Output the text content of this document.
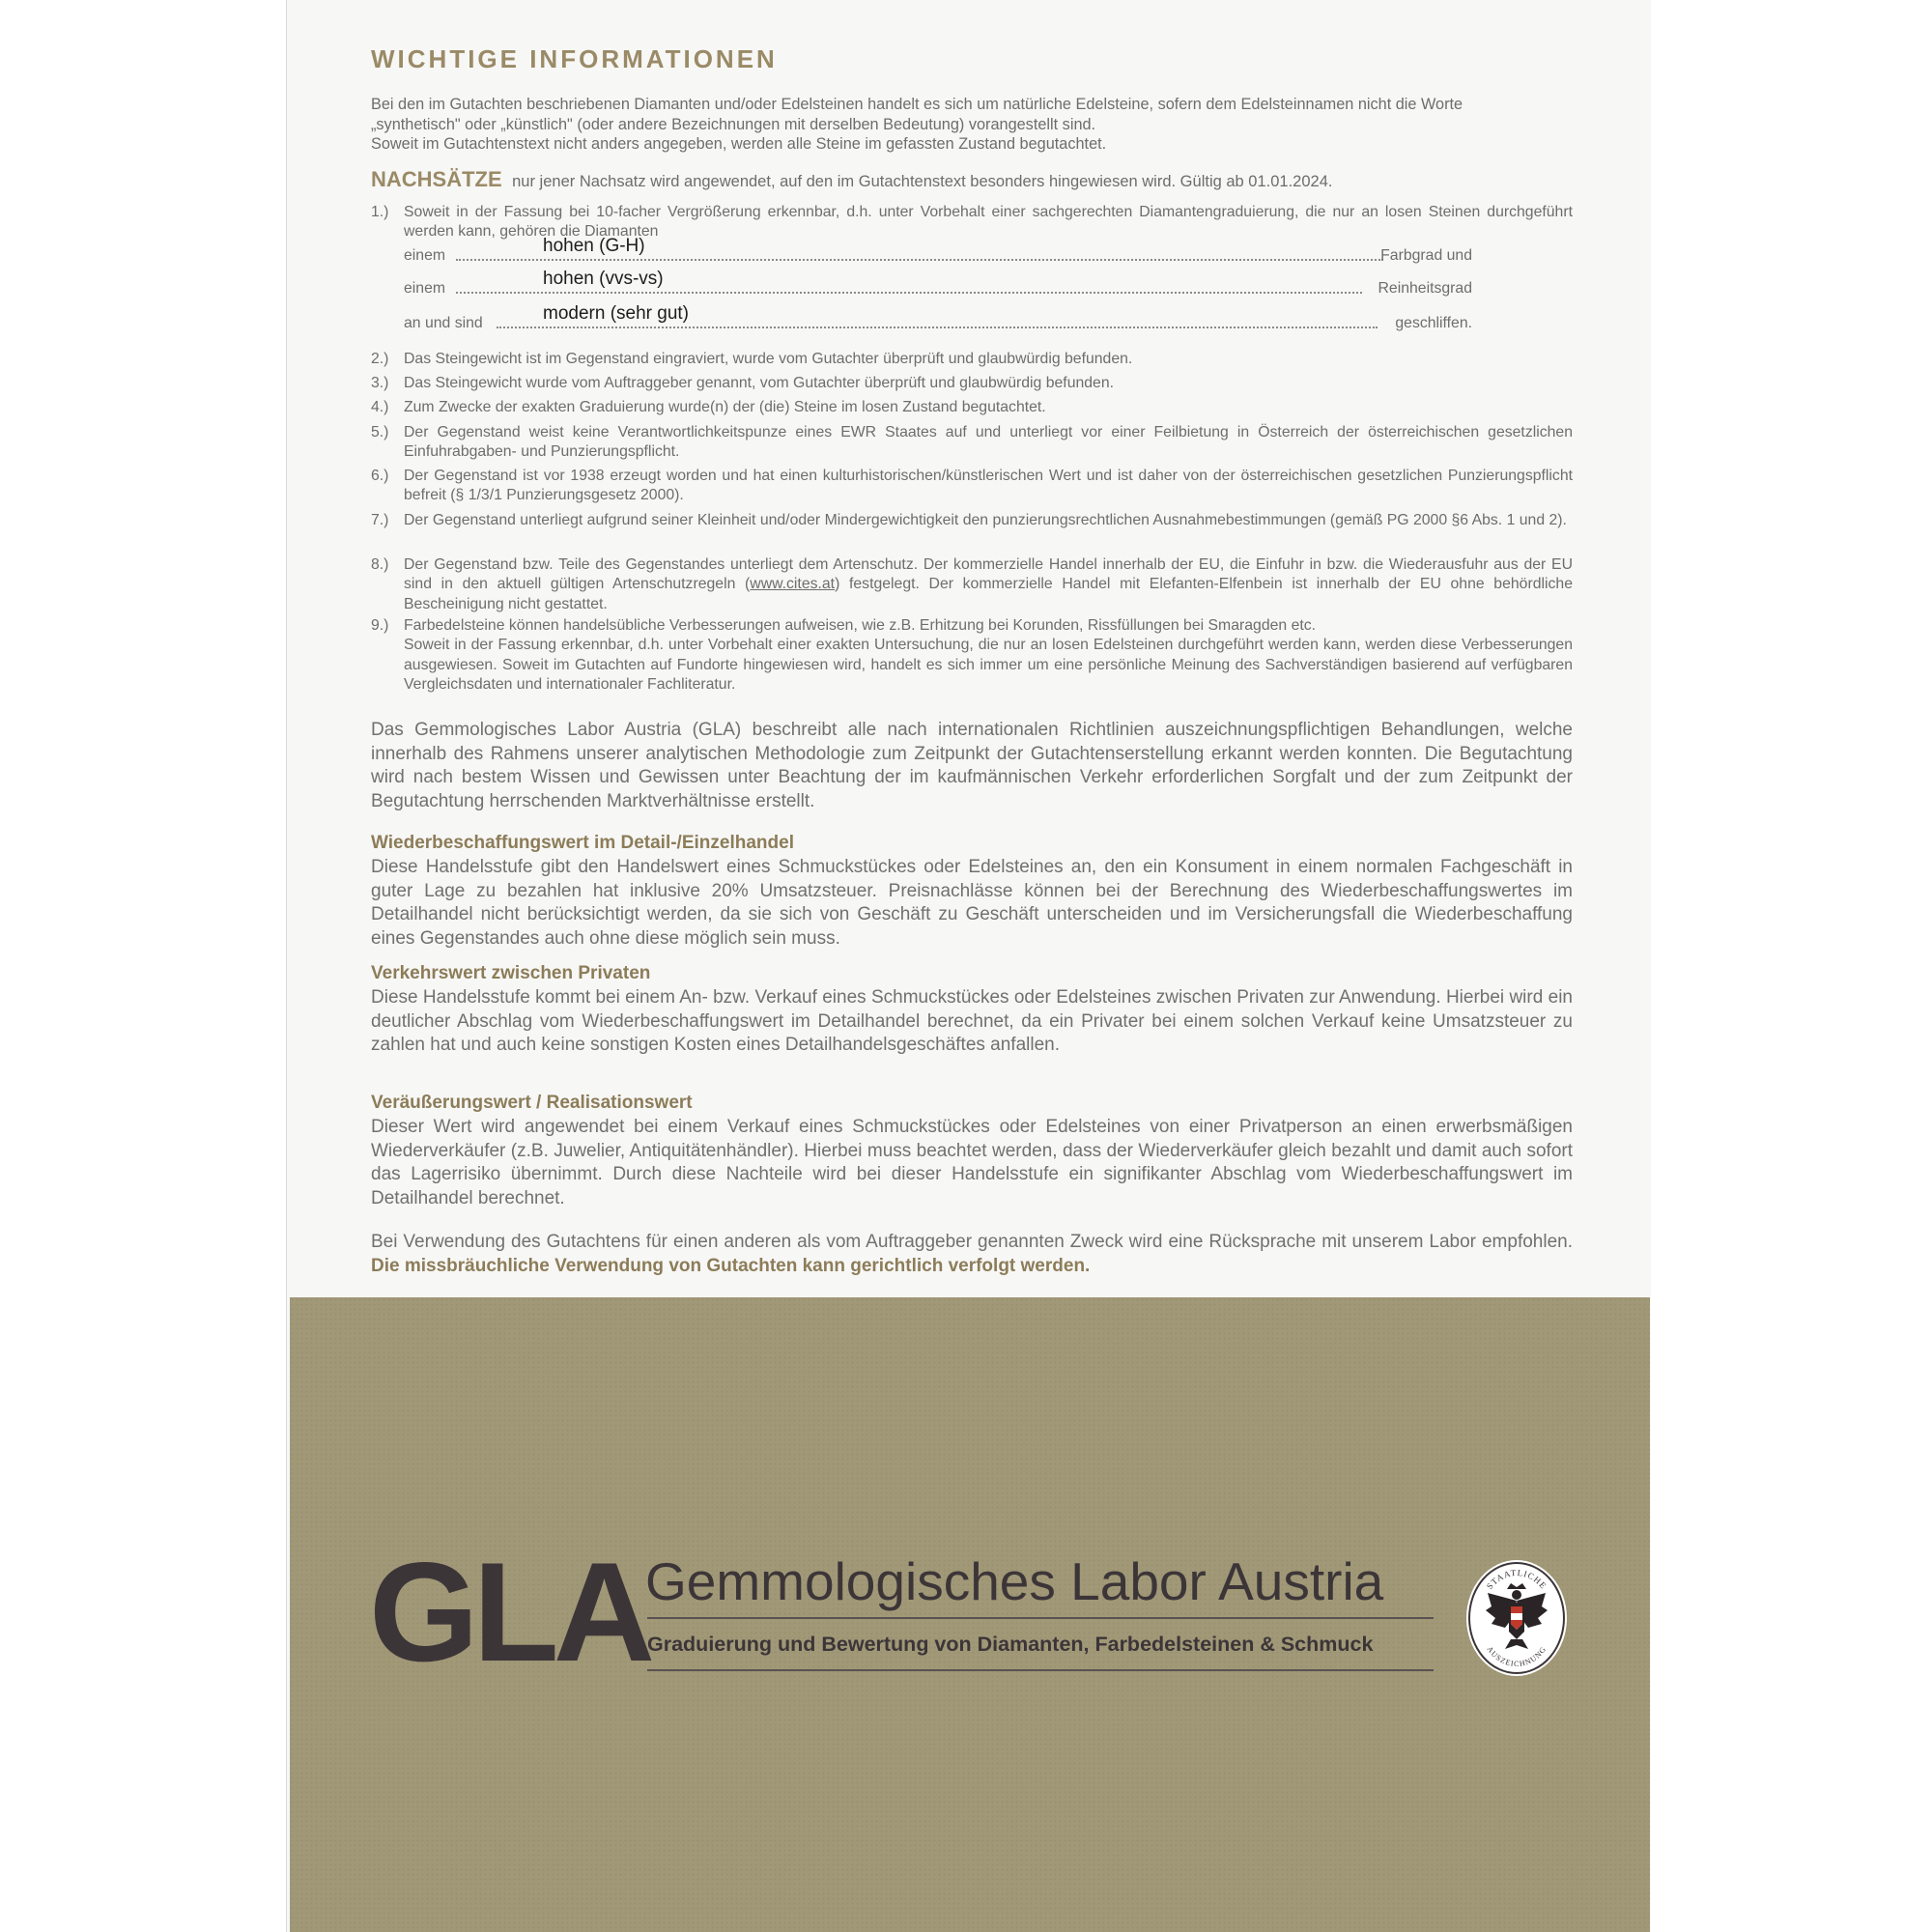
WICHTIGE INFORMATIONEN
Bei den im Gutachten beschriebenen Diamanten und/oder Edelsteinen handelt es sich um natürliche Edelsteine, sofern dem Edelsteinnamen nicht die Worte
„synthetisch" oder „künstlich" (oder andere Bezeichnungen mit derselben Bedeutung) vorangestellt sind.
Soweit im Gutachtenstext nicht anders angegeben, werden alle Steine im gefassten Zustand begutachtet.
NACHSÄTZE nur jener Nachsatz wird angewendet, auf den im Gutachtenstext besonders hingewiesen wird. Gültig ab 01.01.2024.
1.) Soweit in der Fassung bei 10-facher Vergrößerung erkennbar, d.h. unter Vorbehalt einer sachgerechten Diamantengraduierung, die nur an losen Steinen durchgeführt werden kann, gehören die Diamanten
einem	hohen (G-H)	Farbgrad und
einem	hohen (vvs-vs)	Reinheitsgrad
an und sind	modern (sehr gut)	geschliffen.
2.) Das Steingewicht ist im Gegenstand eingraviert, wurde vom Gutachter überprüft und glaubwürdig befunden.
3.) Das Steingewicht wurde vom Auftraggeber genannt, vom Gutachter überprüft und glaubwürdig befunden.
4.) Zum Zwecke der exakten Graduierung wurde(n) der (die) Steine im losen Zustand begutachtet.
5.) Der Gegenstand weist keine Verantwortlichkeitspunze eines EWR Staates auf und unterliegt vor einer Feilbietung in Österreich der österreichischen gesetzlichen Einfuhrabgaben- und Punzierungspflicht.
6.) Der Gegenstand ist vor 1938 erzeugt worden und hat einen kulturhistorischen/künstlerischen Wert und ist daher von der österreichischen gesetzlichen Punzierungspflicht befreit (§ 1/3/1 Punzierungsgesetz 2000).
7.) Der Gegenstand unterliegt aufgrund seiner Kleinheit und/oder Mindergewichtigkeit den punzierungsrechtlichen Ausnahmebestimmungen (gemäß PG 2000 §6 Abs. 1 und 2).
8.) Der Gegenstand bzw. Teile des Gegenstandes unterliegt dem Artenschutz. Der kommerzielle Handel innerhalb der EU, die Einfuhr in bzw. die Wiederausfuhr aus der EU sind in den aktuell gültigen Artenschutzregeln (www.cites.at) festgelegt. Der kommerzielle Handel mit Elefanten-Elfenbein ist innerhalb der EU ohne behördliche Bescheinigung nicht gestattet.
9.) Farbedelsteine können handelsübliche Verbesserungen aufweisen, wie z.B. Erhitzung bei Korunden, Rissfüllungen bei Smaragden etc.
Soweit in der Fassung erkennbar, d.h. unter Vorbehalt einer exakten Untersuchung, die nur an losen Edelsteinen durchgeführt werden kann, werden diese Verbesserungen ausgewiesen. Soweit im Gutachten auf Fundorte hingewiesen wird, handelt es sich immer um eine persönliche Meinung des Sachverständigen basierend auf verfügbaren Vergleichsdaten und internationaler Fachliteratur.
Das Gemmologisches Labor Austria (GLA) beschreibt alle nach internationalen Richtlinien auszeichnungspflichtigen Behandlungen, welche innerhalb des Rahmens unserer analytischen Methodologie zum Zeitpunkt der Gutachtenserstellung erkannt werden konnten. Die Begutachtung wird nach bestem Wissen und Gewissen unter Beachtung der im kaufmännischen Verkehr erforderlichen Sorgfalt und der zum Zeitpunkt der Begutachtung herrschenden Marktverhältnisse erstellt.
Wiederbeschaffungswert im Detail-/Einzelhandel
Diese Handelsstufe gibt den Handelswert eines Schmuckstückes oder Edelsteines an, den ein Konsument in einem normalen Fachgeschäft in guter Lage zu bezahlen hat inklusive 20% Umsatzsteuer. Preisnachlässe können bei der Berechnung des Wiederbeschaffungswertes im Detailhandel nicht berücksichtigt werden, da sie sich von Geschäft zu Geschäft unterscheiden und im Versicherungsfall die Wiederbeschaffung eines Gegenstandes auch ohne diese möglich sein muss.
Verkehrswert zwischen Privaten
Diese Handelsstufe kommt bei einem An- bzw. Verkauf eines Schmuckstückes oder Edelsteines zwischen Privaten zur Anwendung. Hierbei wird ein deutlicher Abschlag vom Wiederbeschaffungswert im Detailhandel berechnet, da ein Privater bei einem solchen Verkauf keine Umsatzsteuer zu zahlen hat und auch keine sonstigen Kosten eines Detailhandelsgeschäftes anfallen.
Veräußerungswert / Realisationswert
Dieser Wert wird angewendet bei einem Verkauf eines Schmuckstückes oder Edelsteines von einer Privatperson an einen erwerbsmäßigen Wiederverkäufer (z.B. Juwelier, Antiquitätenhändler). Hierbei muss beachtet werden, dass der Wiederverkäufer gleich bezahlt und damit auch sofort das Lagerrisiko übernimmt. Durch diese Nachteile wird bei dieser Handelsstufe ein signifikanter Abschlag vom Wiederbeschaffungswert im Detailhandel berechnet.
Bei Verwendung des Gutachtens für einen anderen als vom Auftraggeber genannten Zweck wird eine Rücksprache mit unserem Labor empfohlen. Die missbräuchliche Verwendung von Gutachten kann gerichtlich verfolgt werden.
GLA
Gemmologisches Labor Austria
Graduierung und Bewertung von Diamanten, Farbedelsteinen & Schmuck
STAATLICHE
AUSZEICHNUNG
